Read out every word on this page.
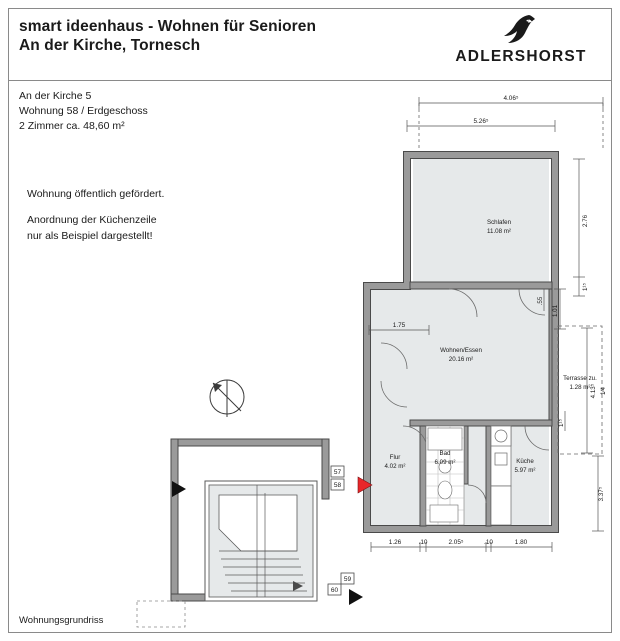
smart ideenhaus - Wohnen für Senioren
An der Kirche, Tornesch
ADLERSHORST
An der Kirche 5
Wohnung 58 / Erdgeschoss
2 Zimmer ca. 48,60 m²
Wohnung öffentlich gefördert.
Anordnung der Küchenzeile
nur als Beispiel dargestellt!
57
58
59
60
Schlafen
11.08 m²
Wohnen/Essen
20.16 m²
Flur
4.02 m²
Bad
6.09 m²	Küche
5.97 m²
Terrasse zu.
1.28 m²
4.06⁵
5.26⁵
2.76
1¹⁵
1.01
.55
4.13⁵ 1⁄4
1¹⁵
3.37⁵
1.75
1.26	.10	2.05⁵	.10	1.80
Wohnungsgrundriss
